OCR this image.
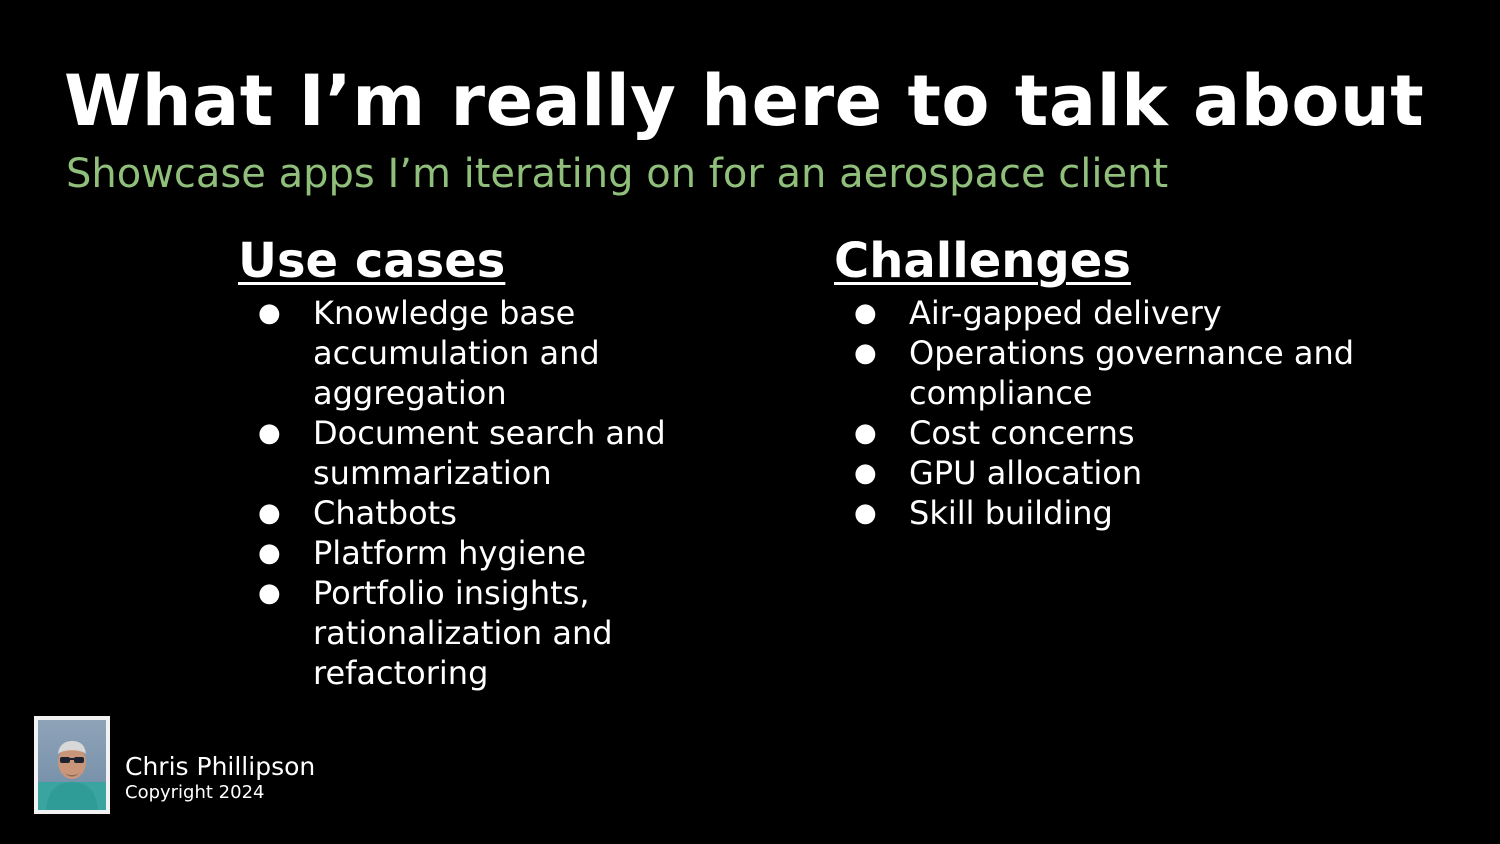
What I’m really here to talk about
Showcase apps I’m iterating on for an aerospace client
Use cases
● Knowledge base accumulation and aggregation
● Document search and summarization
● Chatbots
● Platform hygiene
● Portfolio insights, rationalization and refactoring
Challenges
● Air-gapped delivery
● Operations governance and compliance
● Cost concerns
● GPU allocation
● Skill building
Chris Phillipson
Copyright 2024
